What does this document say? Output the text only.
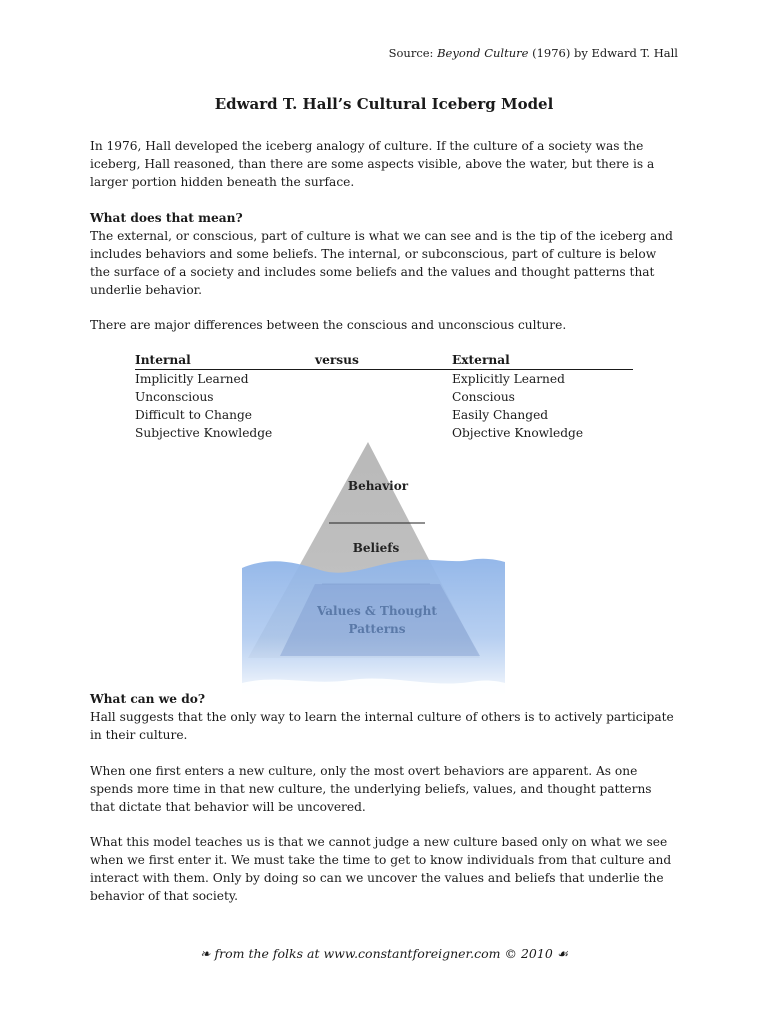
Source: Beyond Culture (1976) by Edward T. Hall
Edward T. Hall’s Cultural Iceberg Model

In 1976, Hall developed the iceberg analogy of culture. If the culture of a society was the iceberg, Hall reasoned, than there are some aspects visible, above the water, but there is a larger portion hidden beneath the surface.

What does that mean?
The external, or conscious, part of culture is what we can see and is the tip of the iceberg and includes behaviors and some beliefs. The internal, or subconscious, part of culture is below the surface of a society and includes some beliefs and the values and thought patterns that underlie behavior.

There are major differences between the conscious and unconscious culture.

Internal	versus	External
Implicitly Learned	Explicitly Learned
Unconscious	Conscious
Difficult to Change	Easily Changed
Subjective Knowledge	Objective Knowledge
Behavior
Beliefs
Values & Thought
Patterns
What can we do?
Hall suggests that the only way to learn the internal culture of others is to actively participate in their culture.

When one first enters a new culture, only the most overt behaviors are apparent. As one spends more time in that new culture, the underlying beliefs, values, and thought patterns that dictate that behavior will be uncovered.

What this model teaches us is that we cannot judge a new culture based only on what we see when we first enter it. We must take the time to get to know individuals from that culture and interact with them. Only by doing so can we uncover the values and beliefs that underlie the behavior of that society.

❧ from the folks at www.constantforeigner.com © 2010 ☙
